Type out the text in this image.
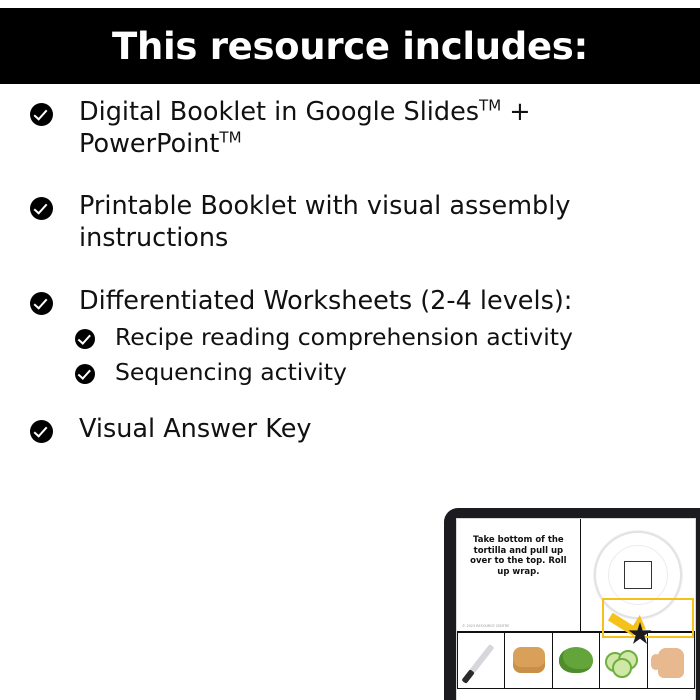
This resource includes:
Digital Booklet in Google Slides™ + PowerPoint™
Printable Booklet with visual assembly instructions
Differentiated Worksheets (2-4 levels):
Recipe reading comprehension activity
Sequencing activity
Visual Answer Key
Take bottom of the tortilla and pull up over to the top. Roll up wrap.
© 2023 RESOURCE CENTRE
